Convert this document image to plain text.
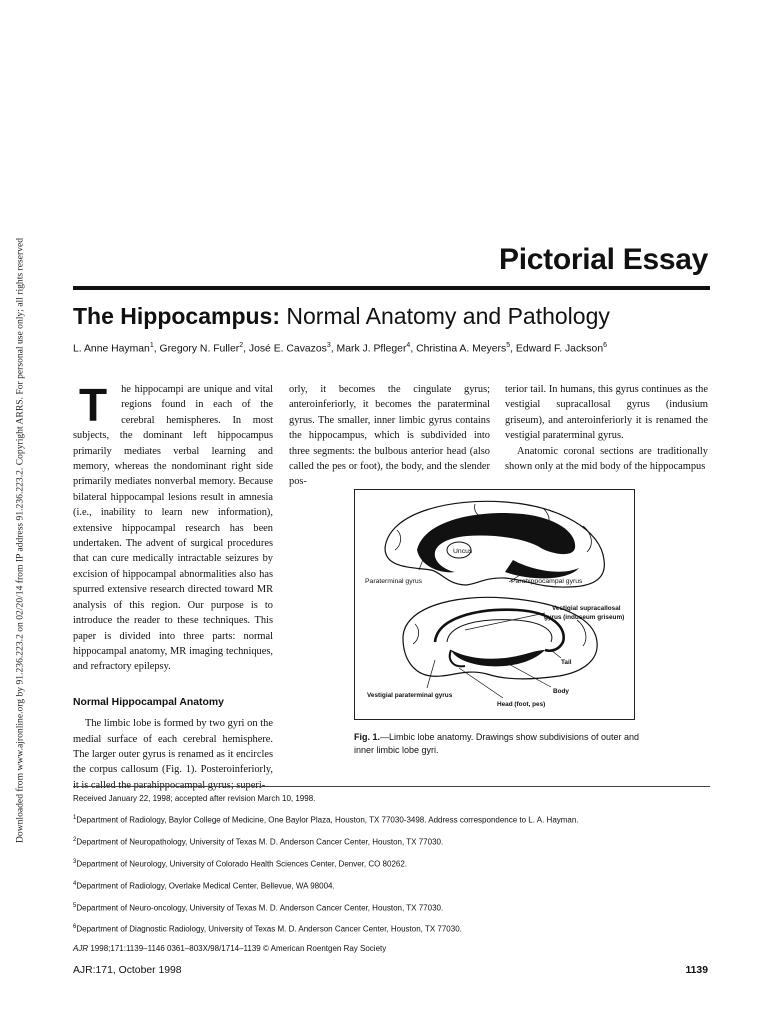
Downloaded from www.ajronline.org by 91.236.223.2 on 02/20/14 from IP address 91.236.223.2. Copyright ARRS. For personal use only; all rights reserved	Pictorial Essay
The Hippocampus: Normal Anatomy and Pathology
L. Anne Hayman$^1$, Gregory N. Fuller$^2$, José E. Cavazos$^3$, Mark J. Pfleger$^4$, Christina A. Meyers$^5$, Edward F. Jackson$^6$

T he hippocampi are unique and vital regions found in each of the cerebral hemispheres. In most subjects, the dominant left hippocampus primarily mediates verbal learning and memory, whereas the nondominant right side primarily mediates nonverbal memory. Because bilateral hippocampal lesions result in amnesia (i.e., inability to learn new information), extensive hippocampal research has been undertaken. The advent of surgical procedures that can cure medically intractable seizures by excision of hippocampal abnormalities also has spurred extensive research directed toward MR analysis of this region. Our purpose is to introduce the reader to these techniques. This paper is divided into three parts: normal hippocampal anatomy, MR imaging techniques, and refractory epilepsy.

Normal Hippocampal Anatomy

The limbic lobe is formed by two gyri on the medial surface of each cerebral hemisphere. The larger outer gyrus is renamed as it encircles the corpus callosum (Fig. 1). Posteroinferiorly,

orly, it becomes the cingulate gyrus; anteroinferiorly, it becomes the paraterminal gyrus. The smaller, inner limbic gyrus contains the hippocampus, which is subdivided into three segments: the bulbous anterior head (also called the pes or foot), the body, and the slender pos-

terior tail. In humans, this gyrus continues as the vestigial supracallosal gyrus (indusium griseum), and anteroinferiorly it is renamed the vestigial paraterminal gyrus.

Anatomic coronal sections are traditionally shown only at the mid body of the hippocampus

Uncus
Paraterminal gyrus	Parahippocampal gyrus
Vestigial supracallosal
gyrus (induseum griseum)
Tail
Body
Vestigial paraterminal gyrus
Head (foot, pes)
Fig. 1.—Limbic lobe anatomy. Drawings show subdivisions of outer and inner limbic lobe gyri.

Received January 22, 1998; accepted after revision March 10, 1998.

$^1$Department of Radiology, Baylor College of Medicine, One Baylor Plaza, Houston, TX 77030-3498. Address correspondence to L. A. Hayman.

$^2$Department of Neuropathology, University of Texas M. D. Anderson Cancer Center, Houston, TX 77030.

$^3$Department of Neurology, University of Colorado Health Sciences Center, Denver, CO 80262.

$^4$Department of Radiology, Overlake Medical Center, Bellevue, WA 98004.

$^5$Department of Neuro-oncology, University of Texas M. D. Anderson Cancer Center, Houston, TX 77030.

$^6$Department of Diagnostic Radiology, University of Texas M. D. Anderson Cancer Center, Houston, TX 77030.

AJR 1998;171:1139–1146 0361–803X/98/1714–1139 © American Roentgen Ray Society

AJR:171, October 1998	1139
